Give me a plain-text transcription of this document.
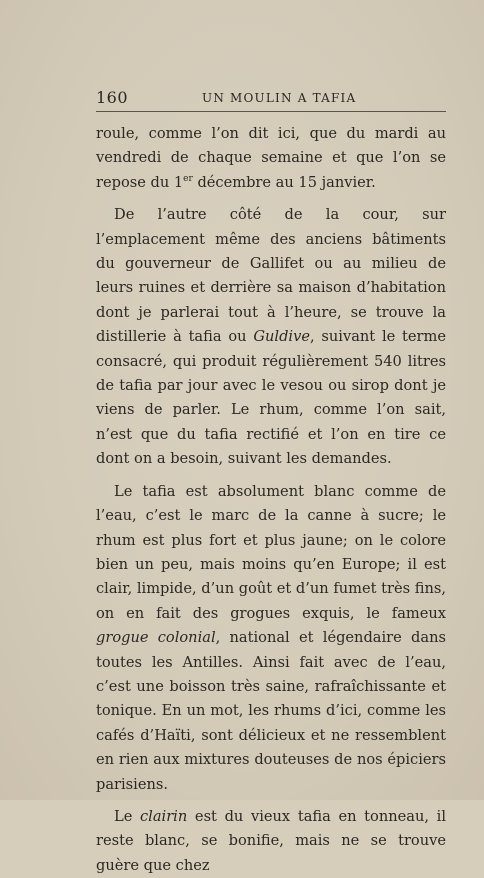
160	UN MOULIN A TAFIA

roule, comme l’on dit ici, que du mardi au vendredi de chaque semaine et que l’on se repose du 1er décembre au 15 janvier.

De l’autre côté de la cour, sur l’emplacement même des anciens bâtiments du gouverneur de Gallifet ou au milieu de leurs ruines et derrière sa maison d’habitation dont je parlerai tout à l’heure, se trouve la distillerie à tafia ou Guldive, suivant le terme consacré, qui produit régulièrement 540 litres de tafia par jour avec le vesou ou sirop dont je viens de parler. Le rhum, comme l’on sait, n’est que du tafia rectifié et l’on en tire ce dont on a besoin, suivant les demandes.

Le tafia est absolument blanc comme de l’eau, c’est le marc de la canne à sucre; le rhum est plus fort et plus jaune; on le colore bien un peu, mais moins qu’en Europe; il est clair, limpide, d’un goût et d’un fumet très fins, on en fait des grogues exquis, le fameux grogue colonial, national et légendaire dans toutes les Antilles. Ainsi fait avec de l’eau, c’est une boisson très saine, rafraîchissante et tonique. En un mot, les rhums d’ici, comme les cafés d’Haïti, sont délicieux et ne ressemblent en rien aux mixtures douteuses de nos épiciers parisiens.

Le clairin est du vieux tafia en tonneau, il reste blanc, se bonifie, mais ne se trouve guère que chez
